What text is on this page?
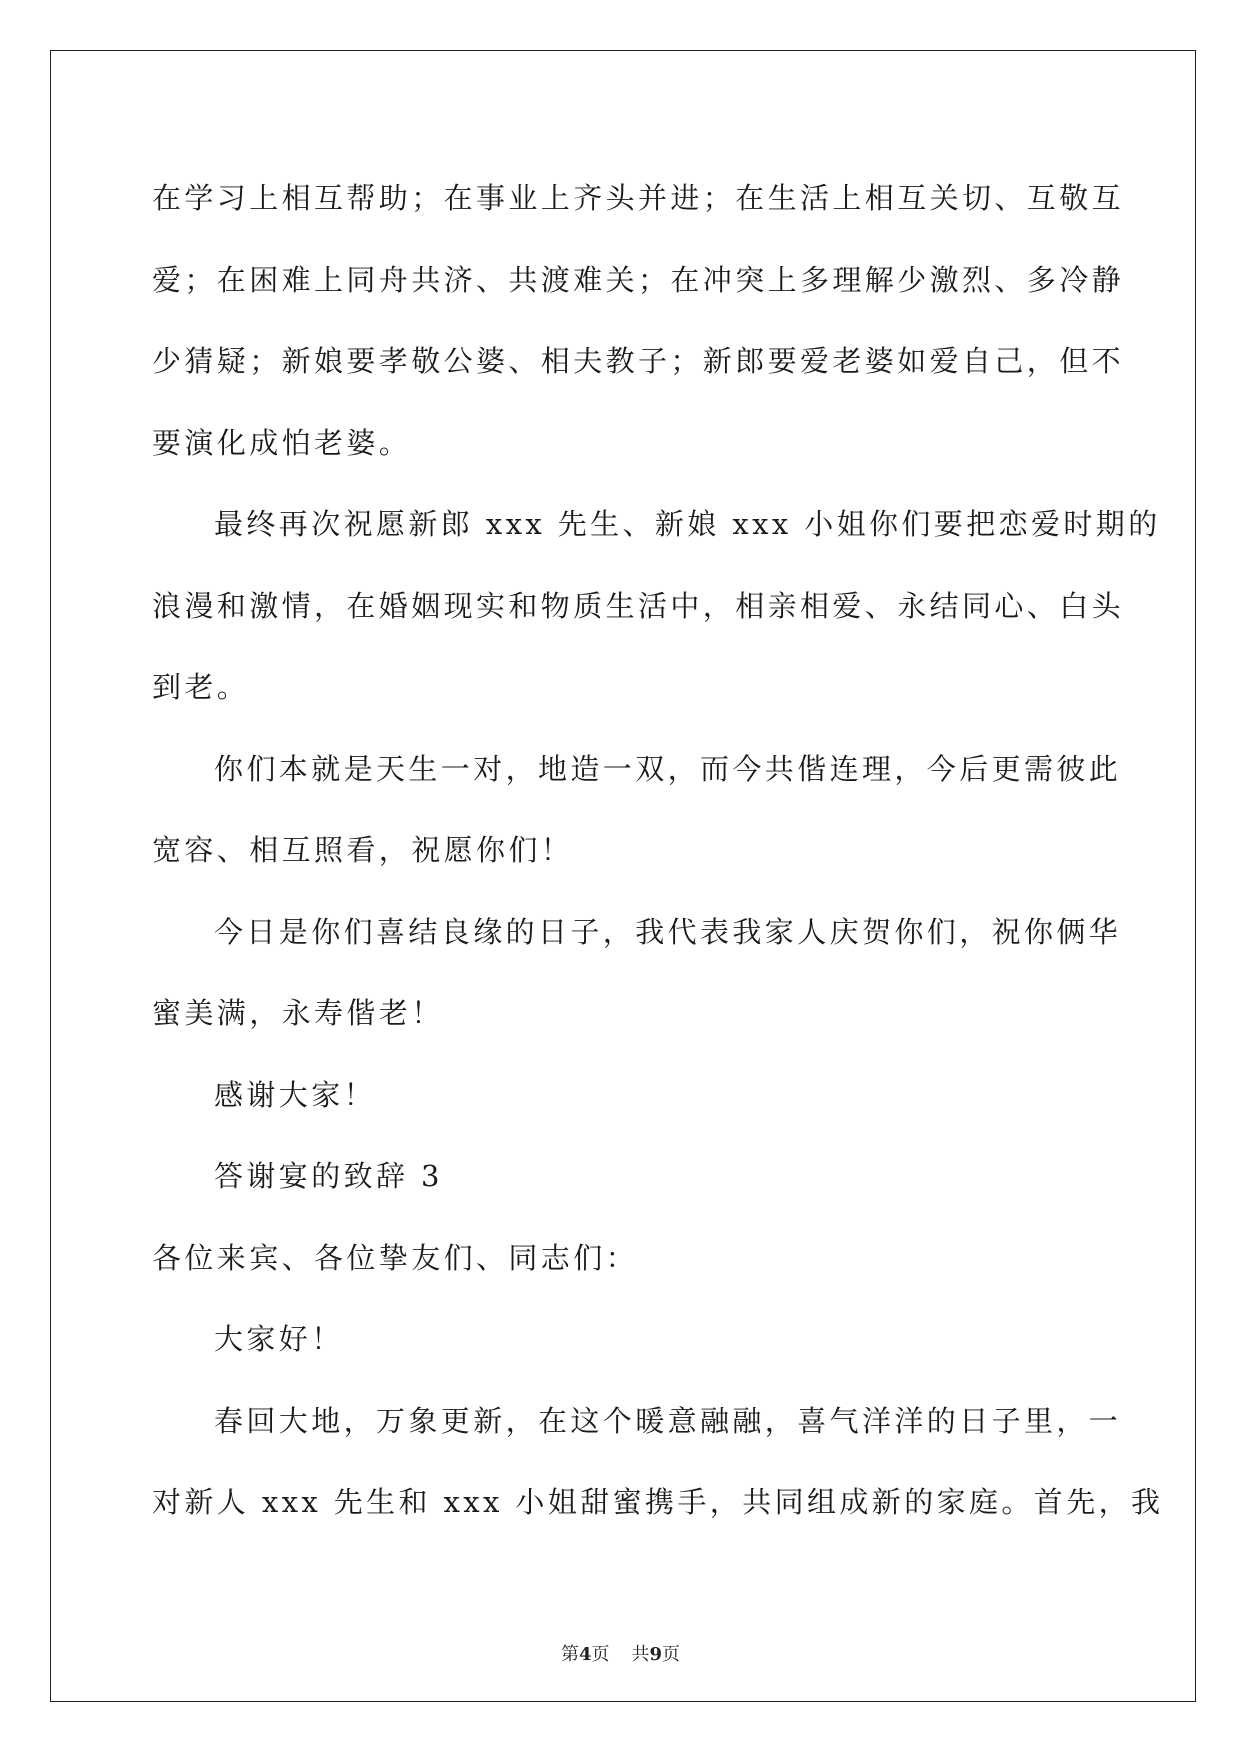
在学习上相互帮助；在事业上齐头并进；在生活上相互关切、互敬互
爱；在困难上同舟共济、共渡难关；在冲突上多理解少激烈、多冷静
少猜疑；新娘要孝敬公婆、相夫教子；新郎要爱老婆如爱自己，但不
要演化成怕老婆。

最终再次祝愿新郎 xxx 先生、新娘 xxx 小姐你们要把恋爱时期的
浪漫和激情，在婚姻现实和物质生活中，相亲相爱、永结同心、白头
到老。

你们本就是天生一对，地造一双，而今共偕连理，今后更需彼此
宽容、相互照看，祝愿你们！

今日是你们喜结良缘的日子，我代表我家人庆贺你们，祝你俩华
蜜美满，永寿偕老！

感谢大家！

答谢宴的致辞 3

各位来宾、各位挚友们、同志们：

大家好！

春回大地，万象更新，在这个暖意融融，喜气洋洋的日子里，一
对新人 xxx 先生和 xxx 小姐甜蜜携手，共同组成新的家庭。首先，我

第4页 共9页
